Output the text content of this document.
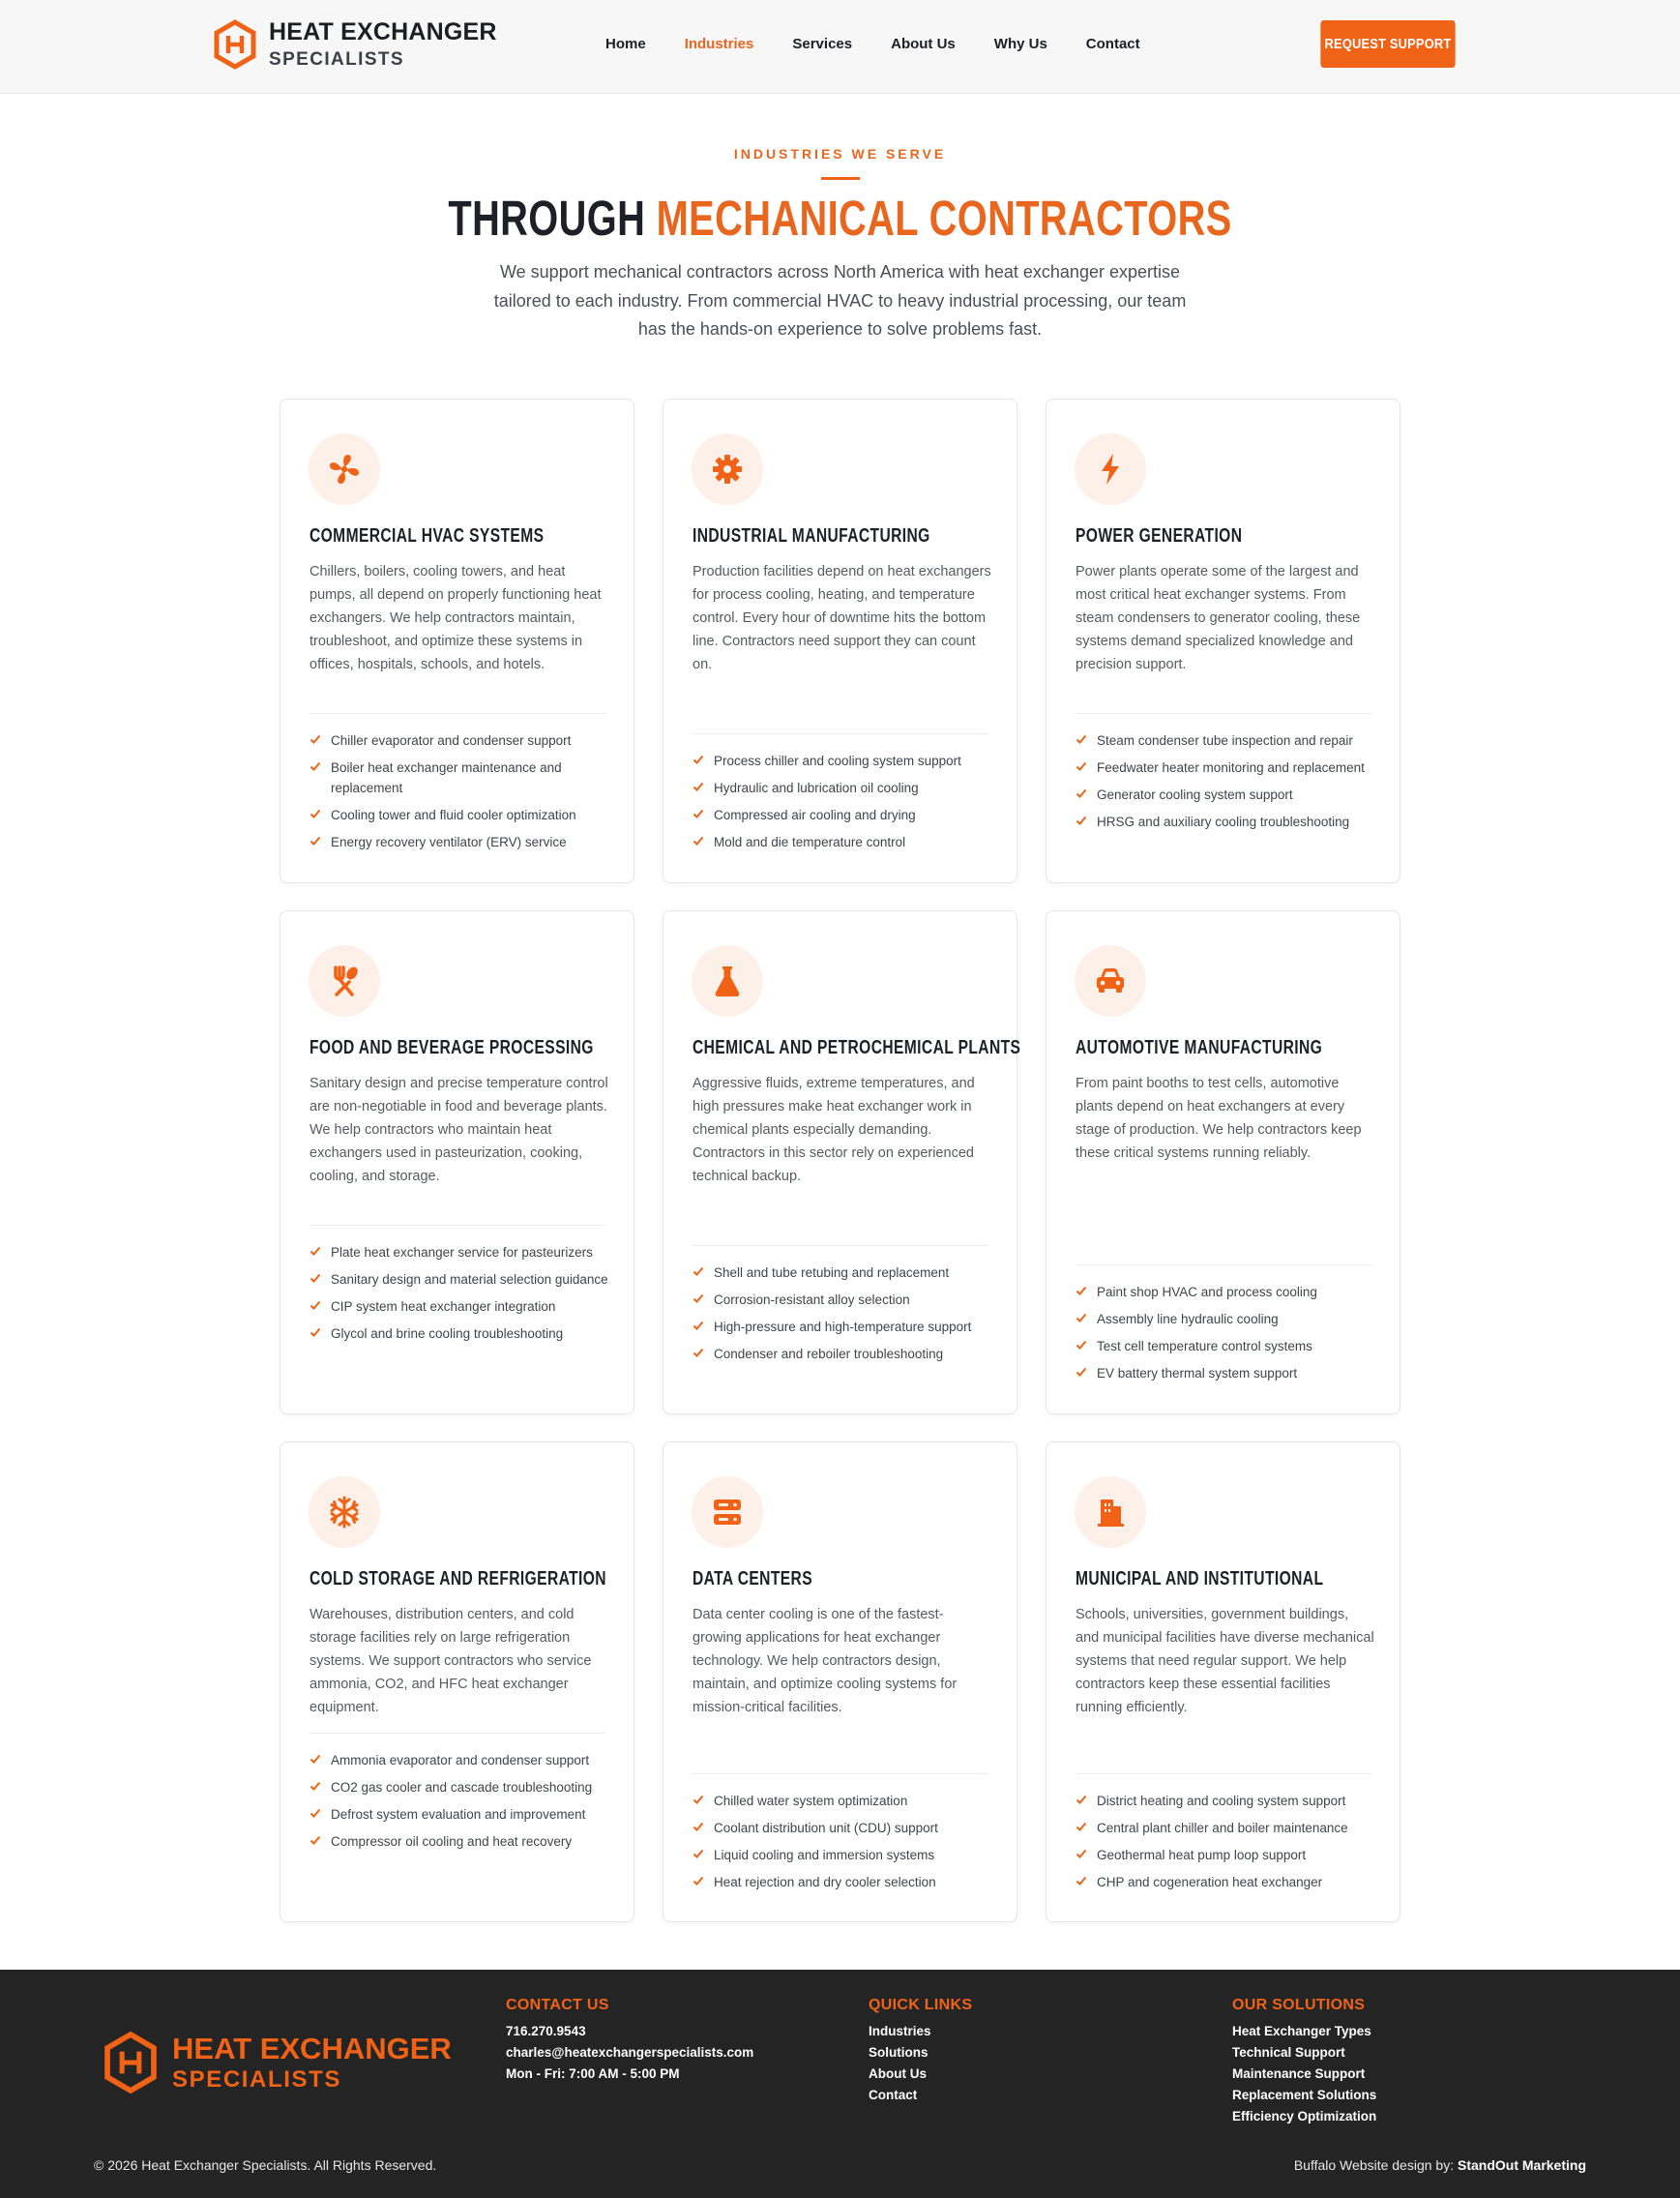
HEAT EXCHANGER
SPECIALISTS
Home	Industries	Services	About Us	Why Us	Contact	REQUEST SUPPORT
INDUSTRIES WE SERVE
THROUGH MECHANICAL CONTRACTORS

We support mechanical contractors across North America with heat exchanger expertise tailored to each industry. From commercial HVAC to heavy industrial processing, our team has the hands-on experience to solve problems fast.

COMMERCIAL HVAC SYSTEMS

Chillers, boilers, cooling towers, and heat pumps, all depend on properly functioning heat exchangers. We help contractors maintain, troubleshoot, and optimize these systems in offices, hospitals, schools, and hotels.

Chiller evaporator and condenser support
Boiler heat exchanger maintenance and replacement
Cooling tower and fluid cooler optimization
Energy recovery ventilator (ERV) service
INDUSTRIAL MANUFACTURING

Production facilities depend on heat exchangers for process cooling, heating, and temperature control. Every hour of downtime hits the bottom line. Contractors need support they can count on.

Process chiller and cooling system support
Hydraulic and lubrication oil cooling
Compressed air cooling and drying
Mold and die temperature control
POWER GENERATION

Power plants operate some of the largest and most critical heat exchanger systems. From steam condensers to generator cooling, these systems demand specialized knowledge and precision support.

Steam condenser tube inspection and repair
Feedwater heater monitoring and replacement
Generator cooling system support
HRSG and auxiliary cooling troubleshooting
FOOD AND BEVERAGE PROCESSING

Sanitary design and precise temperature control are non-negotiable in food and beverage plants. We help contractors who maintain heat exchangers used in pasteurization, cooking, cooling, and storage.

Plate heat exchanger service for pasteurizers
Sanitary design and material selection guidance
CIP system heat exchanger integration
Glycol and brine cooling troubleshooting
CHEMICAL AND PETROCHEMICAL PLANTS

Aggressive fluids, extreme temperatures, and high pressures make heat exchanger work in chemical plants especially demanding. Contractors in this sector rely on experienced technical backup.

Shell and tube retubing and replacement
Corrosion-resistant alloy selection
High-pressure and high-temperature support
Condenser and reboiler troubleshooting
AUTOMOTIVE MANUFACTURING

From paint booths to test cells, automotive plants depend on heat exchangers at every stage of production. We help contractors keep these critical systems running reliably.

Paint shop HVAC and process cooling
Assembly line hydraulic cooling
Test cell temperature control systems
EV battery thermal system support
COLD STORAGE AND REFRIGERATION

Warehouses, distribution centers, and cold storage facilities rely on large refrigeration systems. We support contractors who service ammonia, CO2, and HFC heat exchanger equipment.

Ammonia evaporator and condenser support
CO2 gas cooler and cascade troubleshooting
Defrost system evaluation and improvement
Compressor oil cooling and heat recovery
DATA CENTERS

Data center cooling is one of the fastest-growing applications for heat exchanger technology. We help contractors design, maintain, and optimize cooling systems for mission-critical facilities.

Chilled water system optimization
Coolant distribution unit (CDU) support
Liquid cooling and immersion systems
Heat rejection and dry cooler selection
MUNICIPAL AND INSTITUTIONAL

Schools, universities, government buildings, and municipal facilities have diverse mechanical systems that need regular support. We help contractors keep these essential facilities running efficiently.

District heating and cooling system support
Central plant chiller and boiler maintenance
Geothermal heat pump loop support
CHP and cogeneration heat exchanger
HEAT EXCHANGER
SPECIALISTS
CONTACT US
716.270.9543
charles@heatexchangerspecialists.com
Mon - Fri: 7:00 AM - 5:00 PM
QUICK LINKS
Industries
Solutions
About Us
Contact
OUR SOLUTIONS
Heat Exchanger Types
Technical Support
Maintenance Support
Replacement Solutions
Efficiency Optimization
© 2026 Heat Exchanger Specialists. All Rights Reserved.	Buffalo Website design by: StandOut Marketing
